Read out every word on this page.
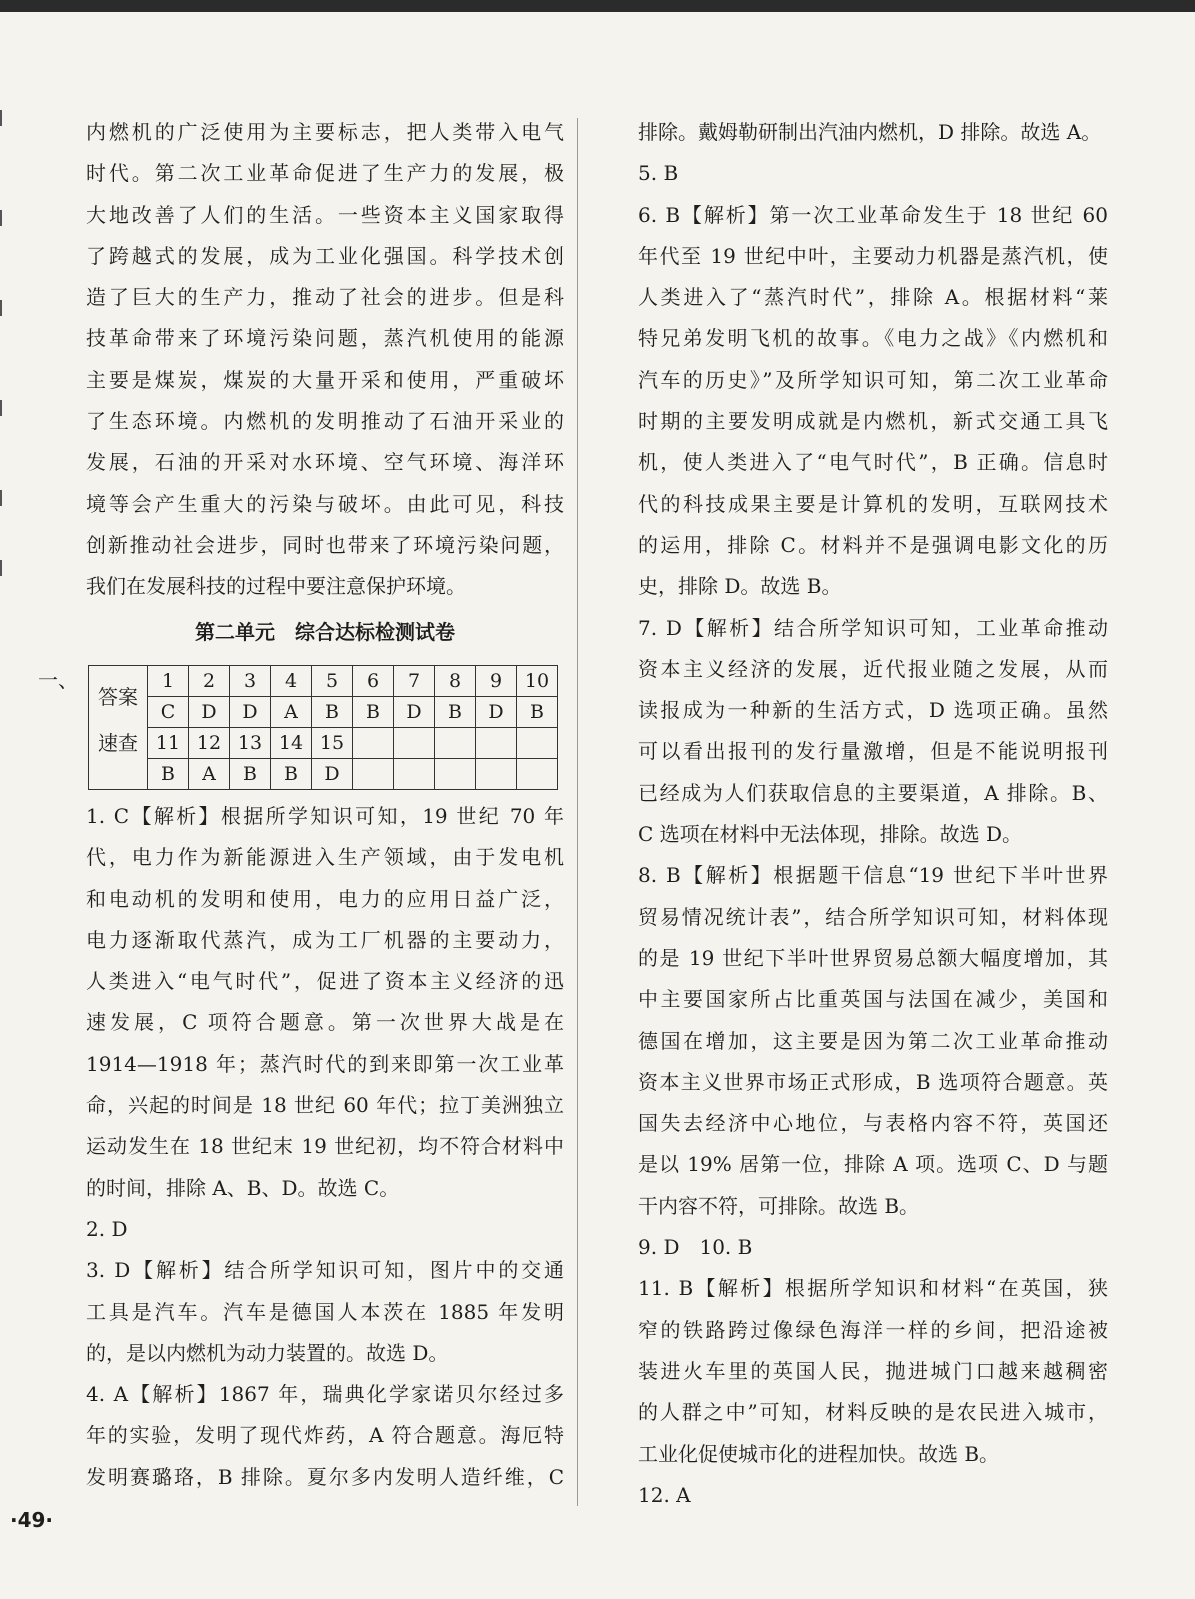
内燃机的广泛使用为主要标志，把人类带入电气
时代。第二次工业革命促进了生产力的发展，极
大地改善了人们的生活。一些资本主义国家取得
了跨越式的发展，成为工业化强国。科学技术创
造了巨大的生产力，推动了社会的进步。但是科
技革命带来了环境污染问题，蒸汽机使用的能源
主要是煤炭，煤炭的大量开采和使用，严重破坏
了生态环境。内燃机的发明推动了石油开采业的
发展，石油的开采对水环境、空气环境、海洋环
境等会产生重大的污染与破坏。由此可见，科技
创新推动社会进步，同时也带来了环境污染问题，
我们在发展科技的过程中要注意保护环境。
第二单元　综合达标检测试卷
一、
答案	1	2	3	4	5	6	7	8	9	10
	C	D	D	A	B	B	D	B	D	B
速查	11	12	13	14	15					
	B	A	B	B	D					
1. C【解析】根据所学知识可知，19 世纪 70 年
代，电力作为新能源进入生产领域，由于发电机
和电动机的发明和使用，电力的应用日益广泛，
电力逐渐取代蒸汽，成为工厂机器的主要动力，
人类进入“电气时代”，促进了资本主义经济的迅
速发展，C 项符合题意。第一次世界大战是在
1914—1918 年；蒸汽时代的到来即第一次工业革
命，兴起的时间是 18 世纪 60 年代；拉丁美洲独立
运动发生在 18 世纪末 19 世纪初，均不符合材料中
的时间，排除 A、B、D。故选 C。
2. D
3. D【解析】结合所学知识可知，图片中的交通
工具是汽车。汽车是德国人本茨在 1885 年发明
的，是以内燃机为动力装置的。故选 D。
4. A【解析】1867 年，瑞典化学家诺贝尔经过多
年的实验，发明了现代炸药，A 符合题意。海厄特
发明赛璐珞，B 排除。夏尔多内发明人造纤维，C
排除。戴姆勒研制出汽油内燃机，D 排除。故选 A。
5. B
6. B【解析】第一次工业革命发生于 18 世纪 60
年代至 19 世纪中叶，主要动力机器是蒸汽机，使
人类进入了“蒸汽时代”，排除 A。根据材料“莱
特兄弟发明飞机的故事。《电力之战》《内燃机和
汽车的历史》”及所学知识可知，第二次工业革命
时期的主要发明成就是内燃机，新式交通工具飞
机，使人类进入了“电气时代”，B 正确。信息时
代的科技成果主要是计算机的发明，互联网技术
的运用，排除 C。材料并不是强调电影文化的历
史，排除 D。故选 B。
7. D【解析】结合所学知识可知，工业革命推动
资本主义经济的发展，近代报业随之发展，从而
读报成为一种新的生活方式，D 选项正确。虽然
可以看出报刊的发行量激增，但是不能说明报刊
已经成为人们获取信息的主要渠道，A 排除。B、
C 选项在材料中无法体现，排除。故选 D。
8. B【解析】根据题干信息“19 世纪下半叶世界
贸易情况统计表”，结合所学知识可知，材料体现
的是 19 世纪下半叶世界贸易总额大幅度增加，其
中主要国家所占比重英国与法国在减少，美国和
德国在增加，这主要是因为第二次工业革命推动
资本主义世界市场正式形成，B 选项符合题意。英
国失去经济中心地位，与表格内容不符，英国还
是以 19% 居第一位，排除 A 项。选项 C、D 与题
干内容不符，可排除。故选 B。
9. D　10. B
11. B【解析】根据所学知识和材料“在英国，狭
窄的铁路跨过像绿色海洋一样的乡间，把沿途被
装进火车里的英国人民，抛进城门口越来越稠密
的人群之中”可知，材料反映的是农民进入城市，
工业化促使城市化的进程加快。故选 B。
12. A
·49·
